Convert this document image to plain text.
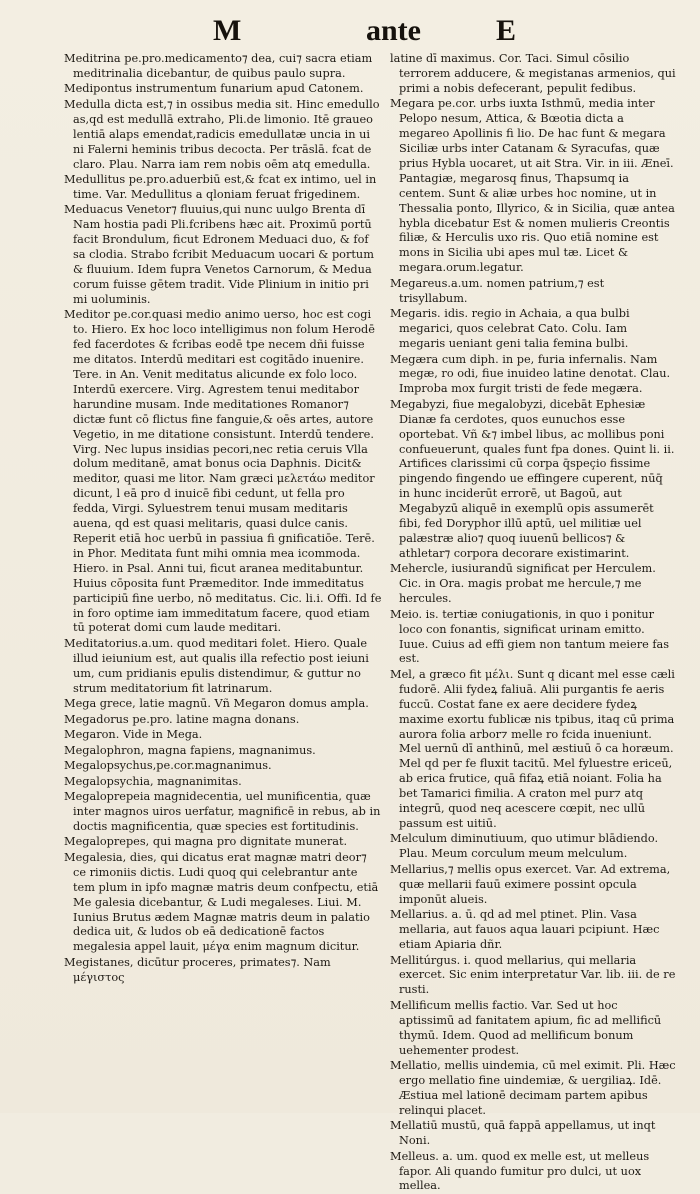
M	ante	E
Meditrina pe.pro.medicamento⁊ dea, cui⁊ sacra etiam meditrinalia dicebantur, de quibus paulo supra.
Medipontus instrumentum funarium apud Catonem.
Medulla dicta est,⁊ in ossibus media sit. Hinc emedullo as,qd est medullā extraho, Pli.de limonio. Itē graueo lentiā alaps emendat,radicis emedullatæ uncia in ui ni Falerni heminis tribus decocta. Per trāslā. fcat de claro. Plau. Narra iam rem nobis oēm atq emedulla.
Medullitus pe.pro.aduerbiū est,& fcat ex intimo, uel in time. Var. Medullitus a qloniam feruat frigedinem.
Meduacus Venetor⁊ fluuius,qui nunc uulgo Brenta dī Nam hostia padi Pli.fcribens hæc ait. Proximū portū facit Brondulum, ficut Edronem Meduaci duo, & fof sa clodia. Strabo fcribit Meduacum uocari & portum & fluuium. Idem fupra Venetos Carnorum, & Medua corum fuisse gētem tradit. Vide Plinium in initio pri mi uoluminis.
Meditor pe.cor.quasi medio animo uerso, hoc est cogi to. Hiero. Ex hoc loco intelligimus non folum Herodē fed facerdotes & fcribas eodē tpe necem dñi fuisse me ditatos. Interdū meditari est cogitādo inuenire. Tere. in An. Venit meditatus alicunde ex folo loco. Interdū exercere. Virg. Agrestem tenui meditabor harundine musam. Inde meditationes Romanor⁊ dictæ funt cō flictus fine fanguie,& oēs artes, autore Vegetio, in me ditatione consistunt. Interdū tendere. Virg. Nec lupus insidias pecori,nec retia ceruis Vlla dolum meditanē, amat bonus ocia Daphnis. Dicit& meditor, quasi me litor. Nam græci μελετάω meditor dicunt, l eā pro d inuicē fibi cedunt, ut fella pro fedda, Virgi. Syluestrem tenui musam meditaris auena, qd est quasi melitaris, quasi dulce canis. Reperit etiā hoc uerbū in passiua fi gnificatiōe. Terē. in Phor. Meditata funt mihi omnia mea icommoda. Hiero. in Psal. Anni tui, ficut aranea meditabuntur. Huius cōposita funt Præmeditor. Inde immeditatus participiū fine uerbo, nō meditatus. Cic. li.i. Offi. Id fe in foro optime iam immeditatum facere, quod etiam tū poterat domi cum laude meditari.
Meditatorius.a.um. quod meditari folet. Hiero. Quale illud ieiunium est, aut qualis illa refectio post ieiuni um, cum pridianis epulis distendimur, & guttur no strum meditatorium fit latrinarum.
Mega grece, latie magnū. Vñ Megaron domus ampla.
Megadorus pe.pro. latine magna donans.
Megaron. Vide in Mega.
Megalophron, magna fapiens, magnanimus.
Megalopsychus,pe.cor.magnanimus.
Megalopsychia, magnanimitas.
Megaloprepeia magnidecentia, uel munificentia, quæ inter magnos uiros uerfatur, magnificē in rebus, ab in doctis magnificentia, quæ species est fortitudinis.
Megaloprepes, qui magna pro dignitate munerat.
Megalesia, dies, qui dicatus erat magnæ matri deor⁊ ce rimoniis dictis. Ludi quoq qui celebrantur ante tem plum in ipfo magnæ matris deum confpectu, etiā Me galesia dicebantur, & Ludi megaleses. Liui. M. Iunius Brutus ædem Magnæ matris deum in palatio dedica uit, & ludos ob eā dedicationē factos megalesia appel lauit, μέγα enim magnum dicitur.
Megistanes, dicūtur proceres, primates⁊. Nam μέγιστος
latine dī maximus. Cor. Taci. Simul cōsilio terrorem adducere, & megistanas armenios, qui primi a nobis defecerant, pepulit fedibus.
Megara pe.cor. urbs iuxta Isthmū, media inter Pelopo nesum, Attica, & Bœotia dicta a megareo Apollinis fi lio. De hac funt & megara Siciliæ urbs inter Catanam & Syracufas, quæ prius Hybla uocaret, ut ait Stra. Vir. in iii. Æneī. Pantagiæ, megarosq finus, Thapsumq ia centem. Sunt & aliæ urbes hoc nomine, ut in Thessalia ponto, Illyrico, & in Sicilia, quæ antea hybla dicebatur Est & nomen mulieris Creontis filiæ, & Herculis uxo ris. Quo etiā nomine est mons in Sicilia ubi apes mul tæ. Licet & megara.orum.legatur.
Megareus.a.um. nomen patrium,⁊ est trisyllabum.
Megaris. idis. regio in Achaia, a qua bulbi megarici, quos celebrat Cato. Colu. Iam megaris ueniant geni talia femina bulbi.
Megæra cum diph. in pe, furia infernalis. Nam megæ, ro odi, fiue inuideo latine denotat. Clau. Improba mox furgit tristi de fede megæra.
Megabyzi, fiue megalobyzi, dicebāt Ephesiæ Dianæ fa cerdotes, quos eunuchos esse oportebat. Vñ &⁊ imbel libus, ac mollibus poni confueuerunt, quales funt fpa dones. Quint li. ii. Artifices clarissimi cū corpa q̄speçio fissime pingendo fingendo ue effingere cuperent, nūq̄ in hunc inciderūt errorē, ut Bagoū, aut Megabyzū aliquē in exemplū opis assumerēt fibi, fed Doryphor illū aptū, uel militiæ uel palæstræ alio⁊ quoq iuuenū bellicos⁊ & athletar⁊ corpora decorare existimarint.
Mehercle, iusiurandū significat per Herculem. Cic. in Ora. magis probat me hercule,⁊ me hercules.
Meio. is. tertiæ coniugationis, in quo i ponitur loco con fonantis, significat urinam emitto. Iuue. Cuius ad effi giem non tantum meiere fas est.
Mel, a græco fit μέλι. Sunt q dicant mel esse cæli fudorē. Alii fydeꝝ faliuā. Alii purgantis fe aeris fuccū. Costat fane ex aere decidere fydeꝝ maxime exortu fublicæ nis tpibus, itaq cū prima aurora folia arbor⁊ melle ro fcida inueniunt. Mel uernū dī anthinū, mel æstiuū ō ca horæum. Mel qd per fe fluxit tacitū. Mel fyluestre ericeū, ab erica frutice, quā fifaꝝ etiā noiant. Folia ha bet Tamarici fimilia. A craton mel pur⁊ atq integrū, quod neq acescere cœpit, nec ullū passum est uitiū.
Melculum diminutiuum, quo utimur blādiendo. Plau. Meum corculum meum melculum.
Mellarius,⁊ mellis opus exercet. Var. Ad extrema, quæ mellarii fauū eximere possint opcula imponūt alueis.
Mellarius. a. ū. qd ad mel ptinet. Plin. Vasa mellaria, aut fauos aqua lauari pcipiunt. Hæc etiam Apiaria dñr.
Mellitúrgus. i. quod mellarius, qui mellaria exercet. Sic enim interpretatur Var. lib. iii. de re rusti.
Mellificum mellis factio. Var. Sed ut hoc aptissimū ad fanitatem apium, fic ad mellificū thymū. Idem. Quod ad mellificum bonum uehementer prodest.
Mellatio, mellis uindemia, cū mel eximit. Pli. Hæc ergo mellatio fine uindemiæ, & uergiliaꝝ. Idē. Æstiua mel lationē decimam partem apibus relinqui placet.
Mellatiū mustū, quā fappā appellamus, ut inqt Noni.
Melleus. a. um. quod ex melle est, ut melleus fapor. Ali quando fumitur pro dulci, ut uox mellea.
